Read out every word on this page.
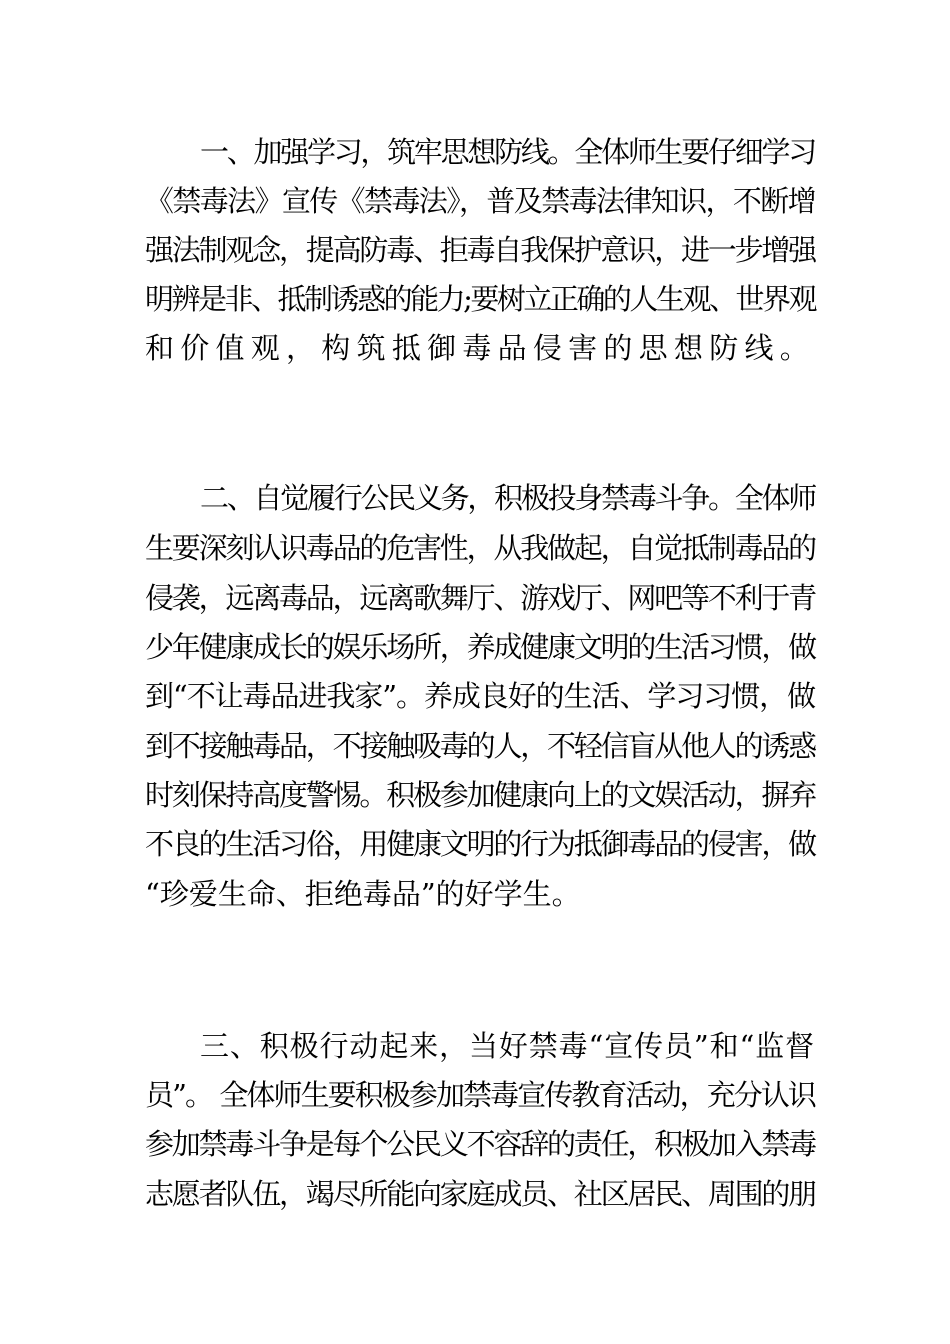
一、加强学习，筑牢思想防线。全体师生要仔细学习
《禁毒法》宣传《禁毒法》，普及禁毒法律知识，不断增
强法制观念，提高防毒、拒毒自我保护意识，进一步增强
明辨是非、抵制诱惑的能力;要树立正确的人生观、世界观
和价值观，构筑抵御毒品侵害的思想防线。
二、自觉履行公民义务，积极投身禁毒斗争。全体师
生要深刻认识毒品的危害性，从我做起，自觉抵制毒品的
侵袭，远离毒品，远离歌舞厅、游戏厅、网吧等不利于青
少年健康成长的娱乐场所，养成健康文明的生活习惯，做
到“不让毒品进我家”。养成良好的生活、学习习惯，做
到不接触毒品，不接触吸毒的人，不轻信盲从他人的诱惑
时刻保持高度警惕。积极参加健康向上的文娱活动，摒弃
不良的生活习俗，用健康文明的行为抵御毒品的侵害，做
“珍爱生命、拒绝毒品”的好学生。
三、积极行动起来，当好禁毒“宣传员”和“监督
员”。 全体师生要积极参加禁毒宣传教育活动，充分认识
参加禁毒斗争是每个公民义不容辞的责任，积极加入禁毒
志愿者队伍，竭尽所能向家庭成员、社区居民、周围的朋
